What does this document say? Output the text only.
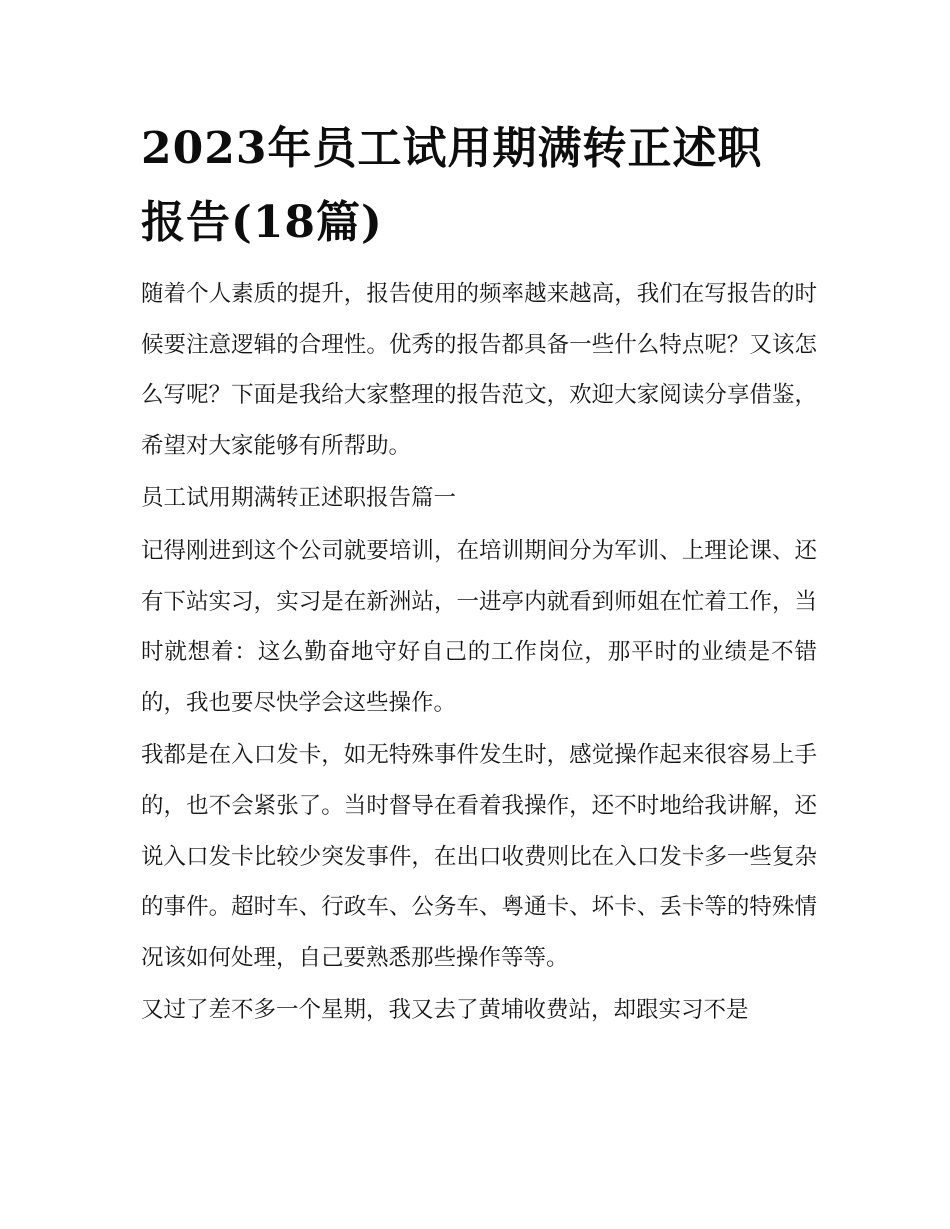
2023年员工试用期满转正述职
报告(18篇)

随着个人素质的提升，报告使用的频率越来越高，我们在写报告的时候要注意逻辑的合理性。优秀的报告都具备一些什么特点呢？又该怎么写呢？下面是我给大家整理的报告范文，欢迎大家阅读分享借鉴，希望对大家能够有所帮助。

员工试用期满转正述职报告篇一

记得刚进到这个公司就要培训，在培训期间分为军训、上理论课、还有下站实习，实习是在新洲站，一进亭内就看到师姐在忙着工作，当时就想着：这么勤奋地守好自己的工作岗位，那平时的业绩是不错的，我也要尽快学会这些操作。

我都是在入口发卡，如无特殊事件发生时，感觉操作起来很容易上手的，也不会紧张了。当时督导在看着我操作，还不时地给我讲解，还说入口发卡比较少突发事件，在出口收费则比在入口发卡多一些复杂的事件。超时车、行政车、公务车、粤通卡、坏卡、丢卡等的特殊情况该如何处理，自己要熟悉那些操作等等。

又过了差不多一个星期，我又去了黄埔收费站，却跟实习不是
